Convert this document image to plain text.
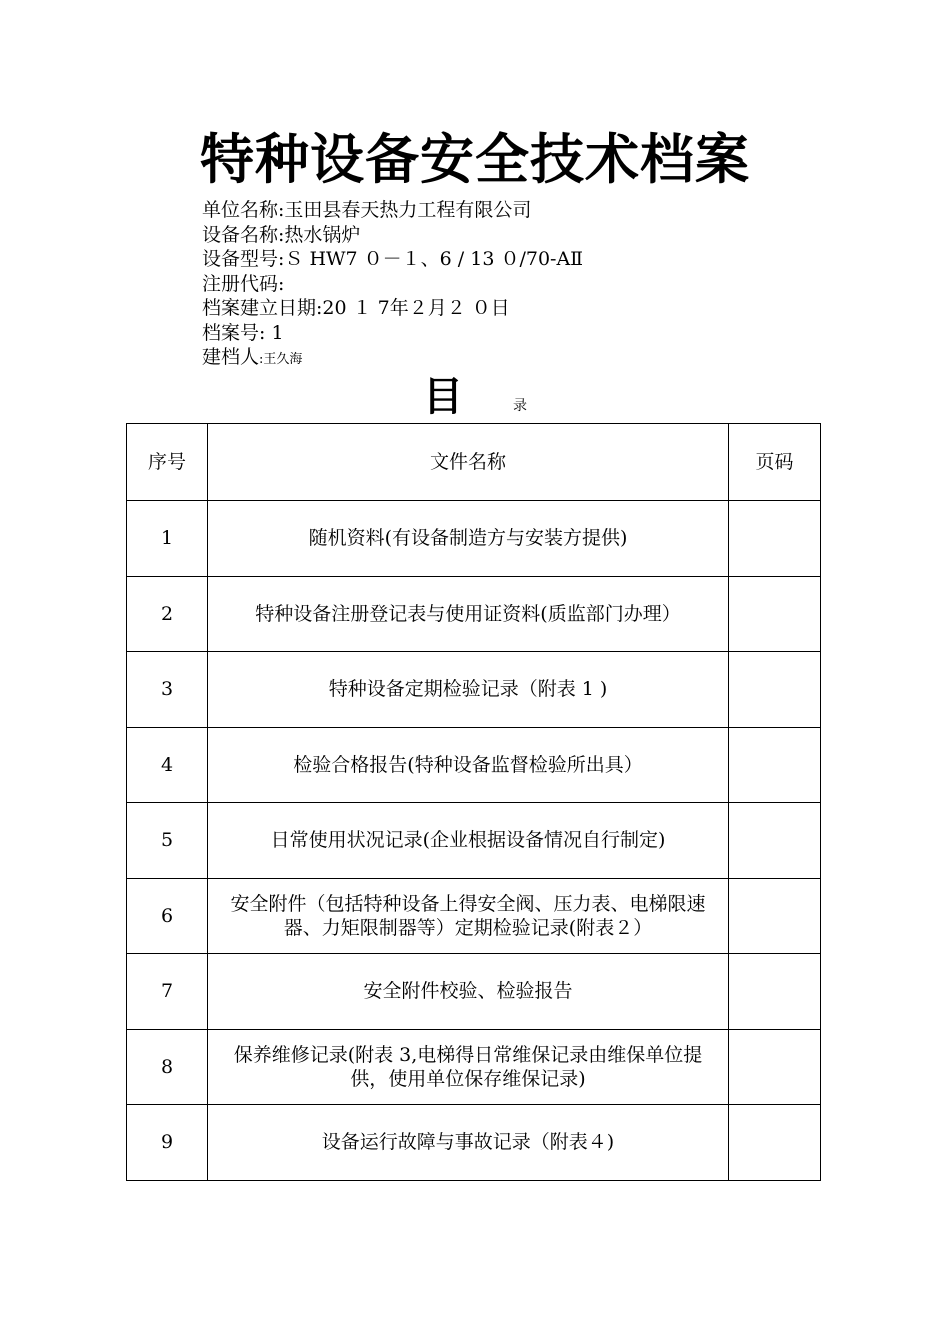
特种设备安全技术档案
单位名称:玉田县春天热力工程有限公司
设备名称:热水锅炉
设备型号:Ｓ HW7 ０－１、6 / 13 ０/70-AⅡ
注册代码:
档案建立日期:20 １ 7年２月２ ０日
档案号: 1
建档人:王久海
目	录
序号	文件名称	页码
1	随机资料(有设备制造方与安装方提供)	
2	特种设备注册登记表与使用证资料(质监部门办理）	
3	特种设备定期检验记录（附表 1 )	
4	检验合格报告(特种设备监督检验所出具）	
5	日常使用状况记录(企业根据设备情况自行制定)	
6	安全附件（包括特种设备上得安全阀、压力表、电梯限速器、力矩限制器等）定期检验记录(附表２）	
7	安全附件校验、检验报告	
8	保养维修记录(附表 3,电梯得日常维保记录由维保单位提供，使用单位保存维保记录)	
9	设备运行故障与事故记录（附表４)	
